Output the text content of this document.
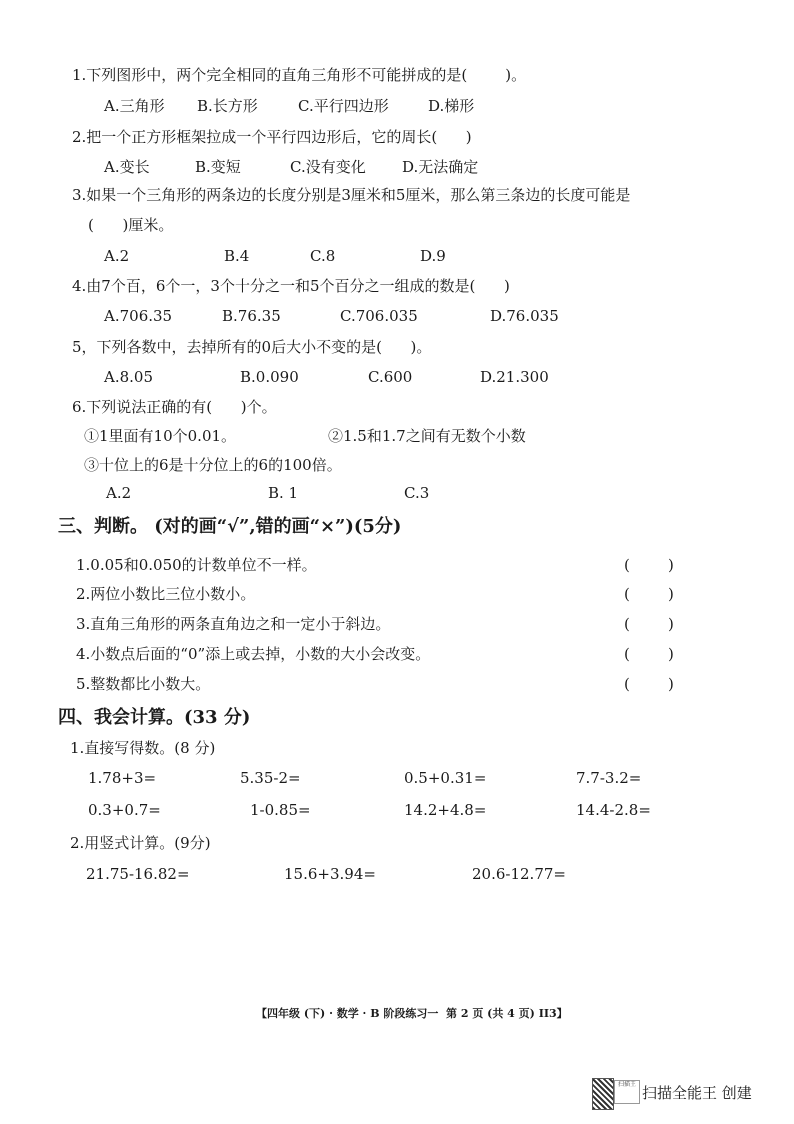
1.下列图形中，两个完全相同的直角三角形不可能拼成的是(        )。
A.三角形 B.长方形	C.平行四边形	D.梯形
2.把一个正方形框架拉成一个平行四边形后，它的周长(      )
A.变长	B.变短	C.没有变化 D.无法确定
3.如果一个三角形的两条边的长度分别是3厘米和5厘米，那么第三条边的长度可能是
(      )厘米。
A.2	B.4	C.8	D.9
4.由7个百，6个一，3个十分之一和5个百分之一组成的数是(      )
A.706.35	B.76.35	C.706.035	D.76.035
5，下列各数中，去掉所有的0后大小不变的是(      )。
A.8.05	B.0.090	C.600	D.21.300
6.下列说法正确的有(      )个。
①1里面有10个0.01。	②1.5和1.7之间有无数个小数
③十位上的6是十分位上的6的100倍。
A.2	B. 1	C.3
三、判断。 (对的画“√”,错的画“×”)(5分)
1.0.05和0.050的计数单位不一样。	(        )
2.两位小数比三位小数小。	(        )
3.直角三角形的两条直角边之和一定小于斜边。	(        )
4.小数点后面的“0”添上或去掉，小数的大小会改变。	(        )
5.整数都比小数大。	(        )
四、我会计算。(33 分)
1.直接写得数。(8 分)
1.78+3=	5.35-2=	0.5+0.31=	7.7-3.2=
0.3+0.7=	1-0.85=	14.2+4.8=	14.4-2.8=
2.用竖式计算。(9分)
21.75-16.82=	15.6+3.94=	20.6-12.77=
【四年级 (下) · 数学 · B 阶段练习一  第 2 页 (共 4 页) II3】
扫描王 扫描全能王 创建
